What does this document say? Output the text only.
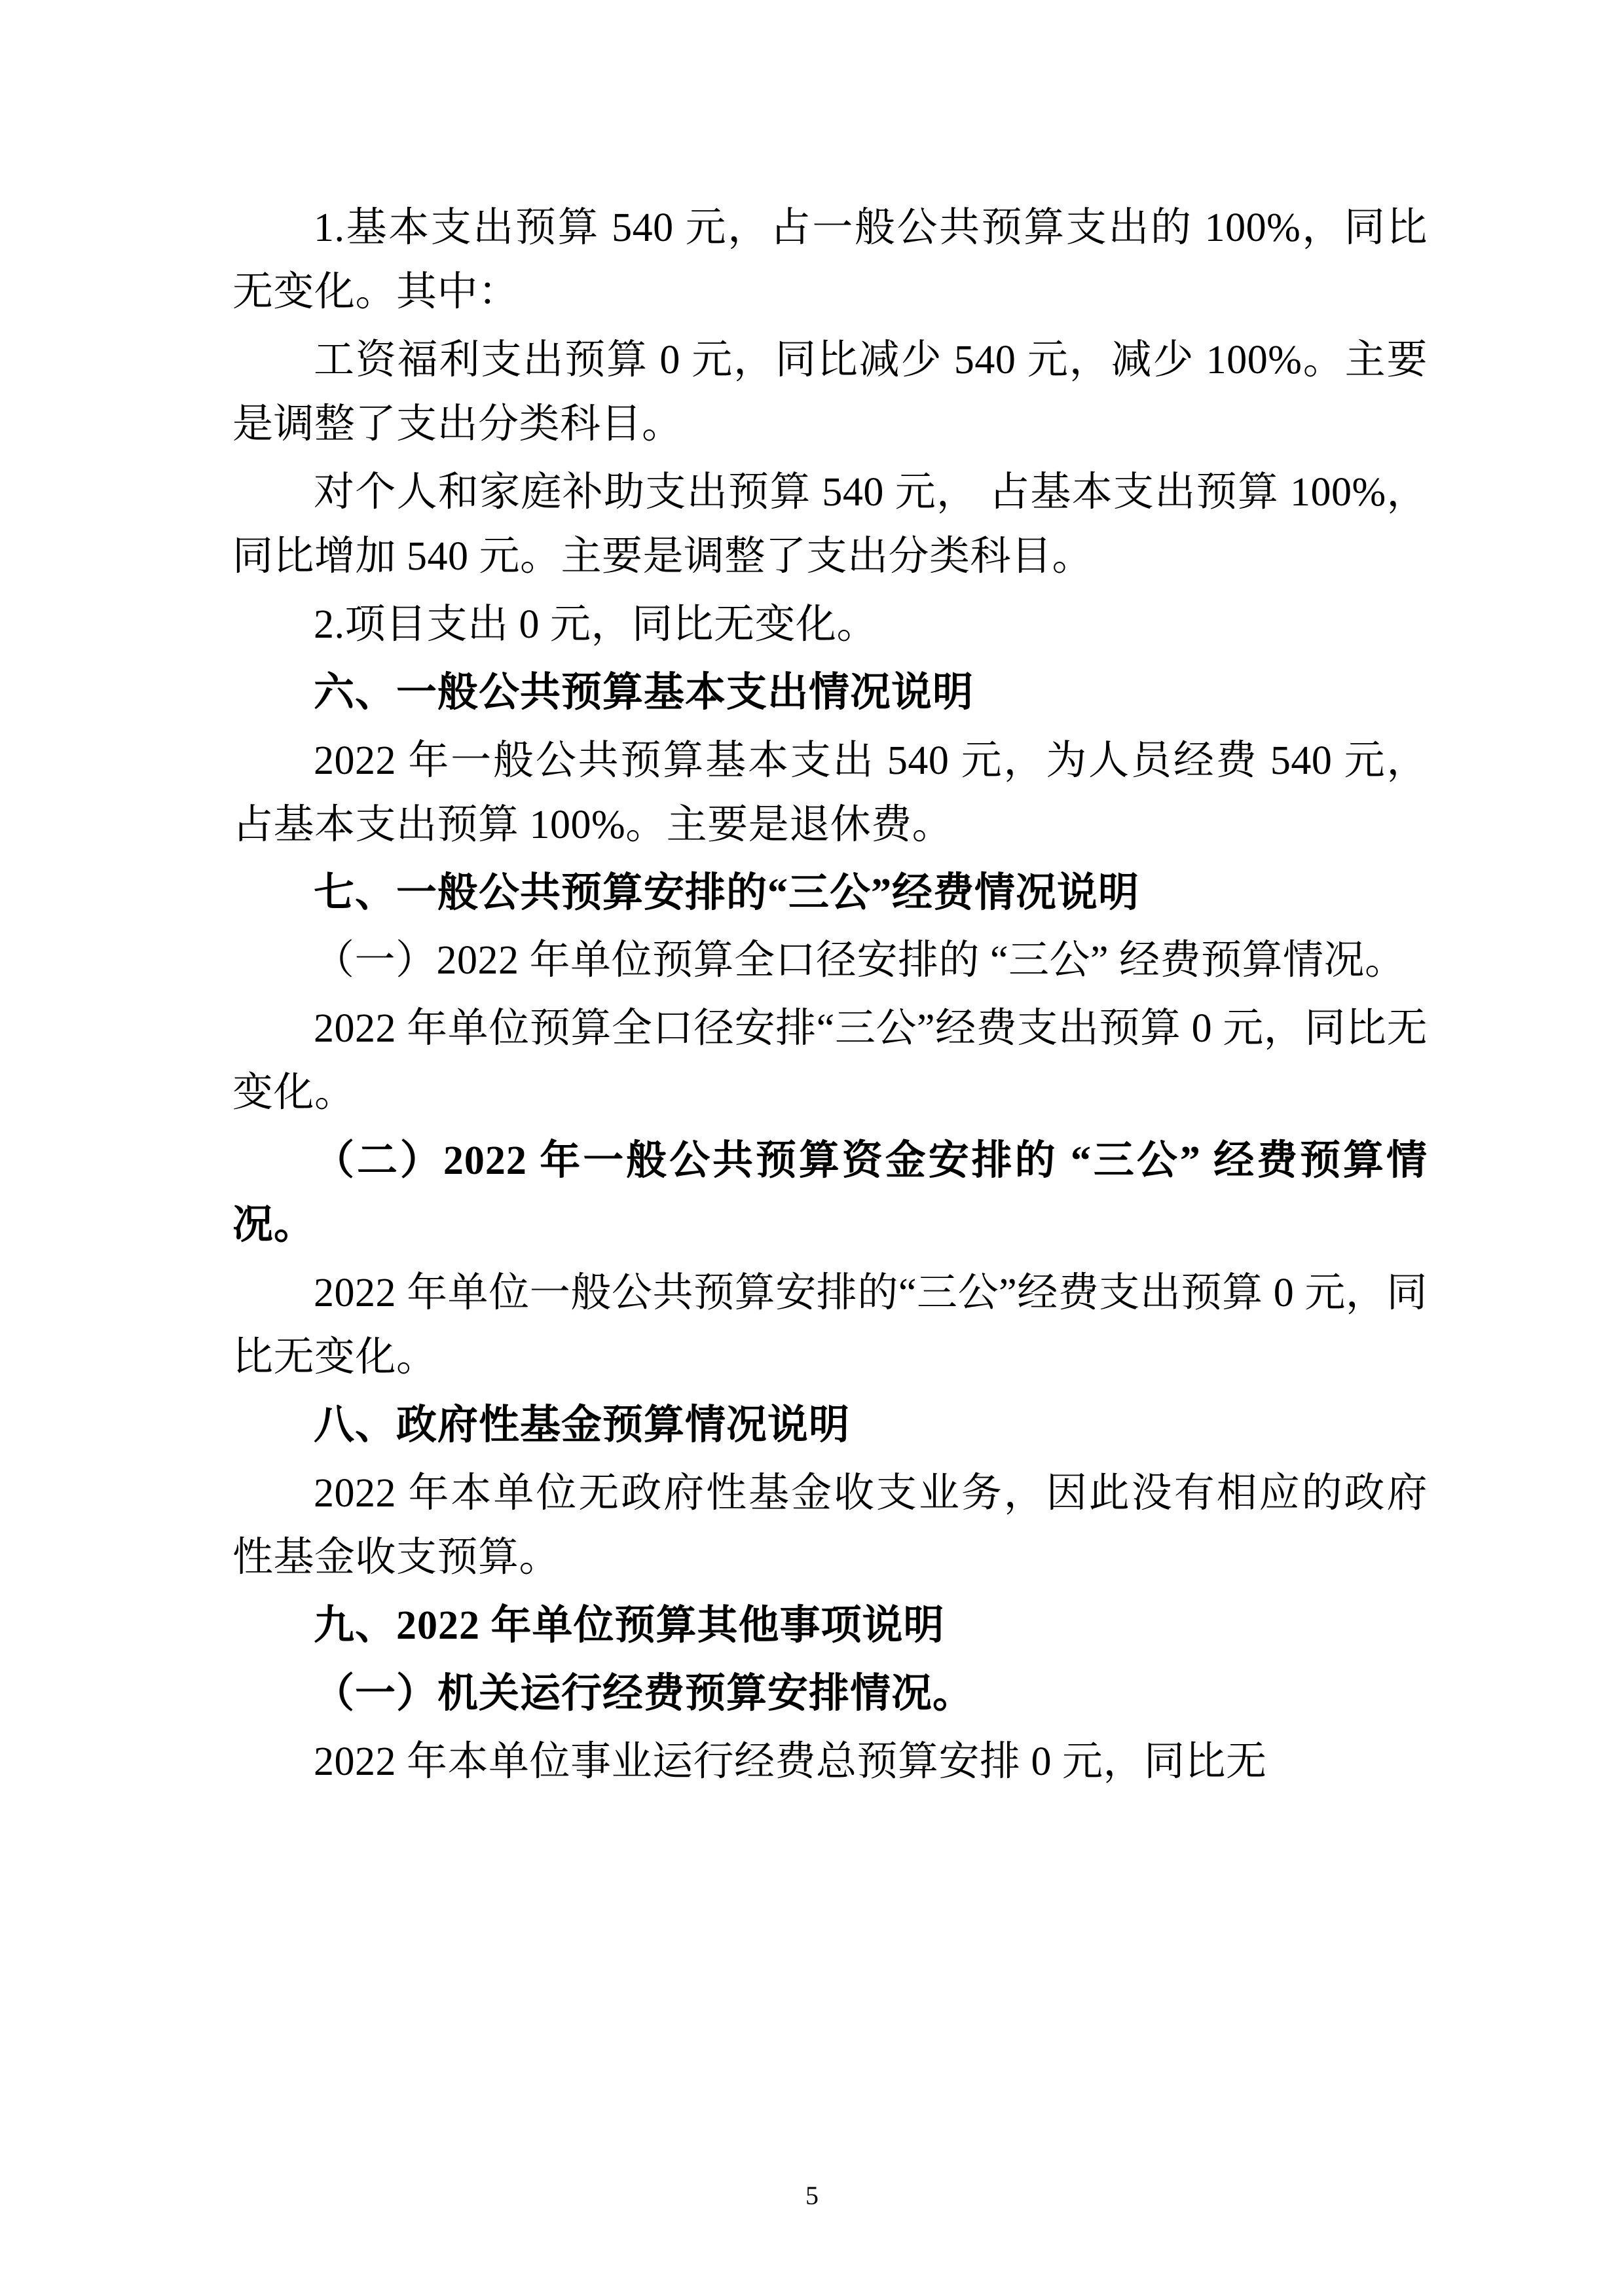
1.基本支出预算 540 元，占一般公共预算支出的 100%，同比无变化。其中：

工资福利支出预算 0 元，同比减少 540 元，减少 100%。主要是调整了支出分类科目。

对个人和家庭补助支出预算 540 元， 占基本支出预算 100%，同比增加 540 元。主要是调整了支出分类科目。

2.项目支出 0 元，同比无变化。

六、一般公共预算基本支出情况说明

2022 年一般公共预算基本支出 540 元，为人员经费 540 元，占基本支出预算 100%。主要是退休费。

七、一般公共预算安排的“三公”经费情况说明

（一）2022 年单位预算全口径安排的 “三公” 经费预算情况。

2022 年单位预算全口径安排“三公”经费支出预算 0 元，同比无变化。

（二）2022 年一般公共预算资金安排的 “三公” 经费预算情况。

2022 年单位一般公共预算安排的“三公”经费支出预算 0 元，同比无变化。

八、政府性基金预算情况说明

2022 年本单位无政府性基金收支业务，因此没有相应的政府性基金收支预算。

九、2022 年单位预算其他事项说明

（一）机关运行经费预算安排情况。

2022 年本单位事业运行经费总预算安排 0 元，同比无

5
